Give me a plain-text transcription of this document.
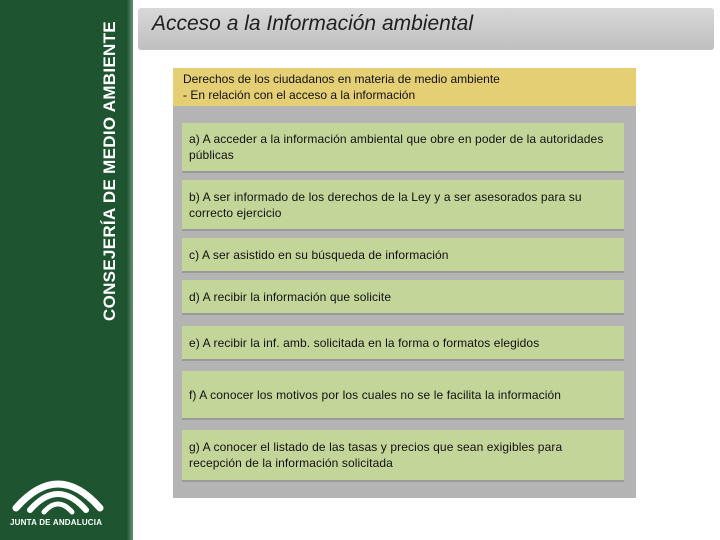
CONSEJERÍA DE MEDIO AMBIENTE
JUNTA DE ANDALUCIA
Acceso a la Información ambiental
Derechos de los ciudadanos en materia de medio ambiente
- En relación con el acceso a la información
a) A acceder a la información ambiental que obre en poder de la autoridades públicas
b) A ser informado de los derechos de la Ley y a ser asesorados para su correcto ejercicio
c) A ser asistido en su búsqueda de información
d) A recibir la información que solicite
e) A recibir la inf. amb. solicitada en la forma o formatos elegidos
f) A conocer los motivos por los cuales no se le facilita la información
g) A conocer el listado de las tasas y precios que sean exigibles para recepción de la información solicitada
